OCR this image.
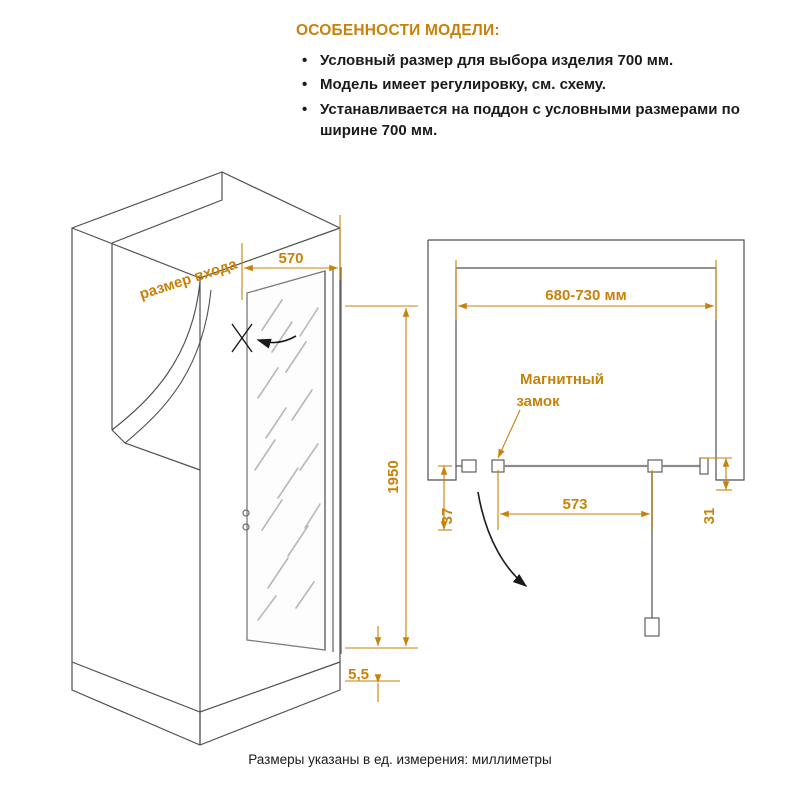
ОСОБЕННОСТИ МОДЕЛИ:
• Условный размер для выбора изделия 700 мм.
• Модель имеет регулировку, см. схему.
• Устанавливается на поддон с условными размерами по ширине 700 мм.
570
размер входа
1950
5,5
Магнитный
замок
680-730 мм
573
37	31
Размеры указаны в ед. измерения: миллиметры
